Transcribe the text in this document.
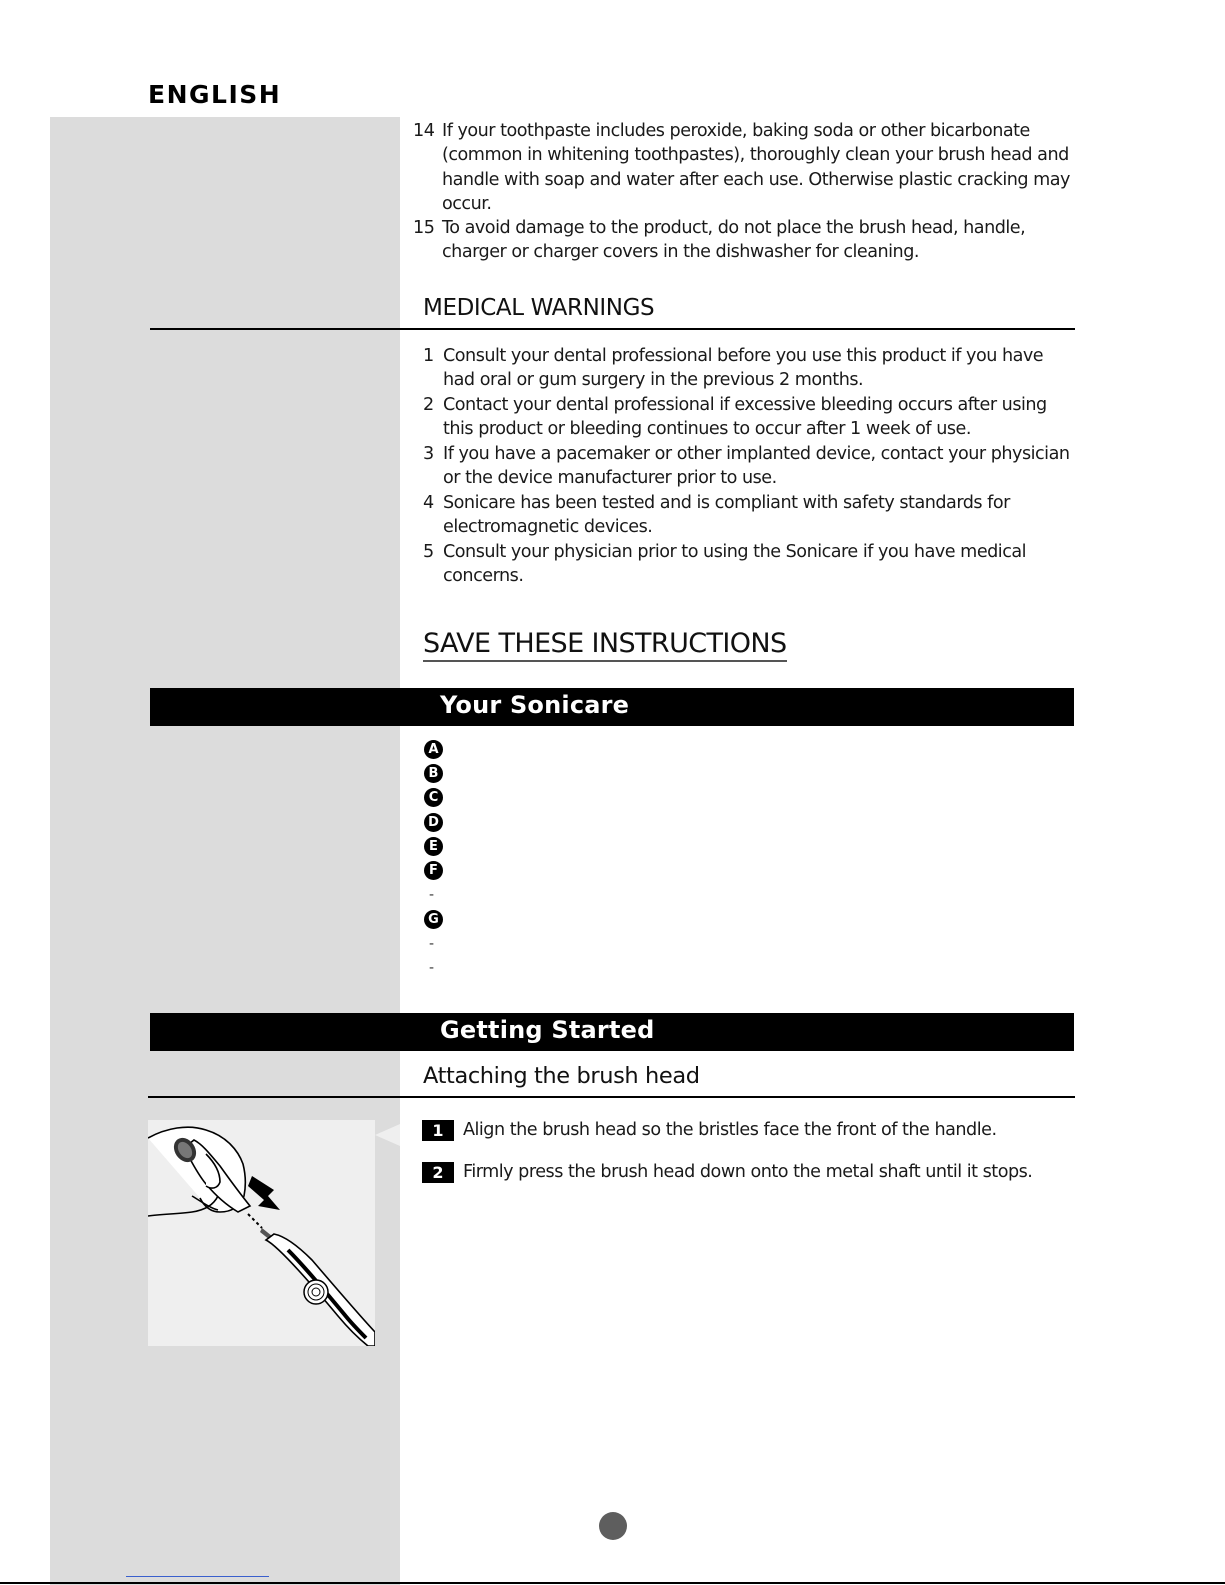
ENGLISH
14 If your toothpaste includes peroxide, baking soda or other bicarbonate (common in whitening toothpastes), thoroughly clean your brush head and handle with soap and water after each use. Otherwise plastic cracking may occur.
15 To avoid damage to the product, do not place the brush head, handle, charger or charger covers in the dishwasher for cleaning.
MEDICAL WARNINGS
1 Consult your dental professional before you use this product if you have had oral or gum surgery in the previous 2 months.
2 Contact your dental professional if excessive bleeding occurs after using this product or bleeding continues to occur after 1 week of use.
3 If you have a pacemaker or other implanted device, contact your physician or the device manufacturer prior to use.
4 Sonicare has been tested and is compliant with safety standards for electromagnetic devices.
5 Consult your physician prior to using the Sonicare if you have medical concerns.
SAVE THESE INSTRUCTIONS
Your Sonicare
A
B
C
D
E
F
-
G
-
-
Getting Started
Attaching the brush head
1	Align the brush head so the bristles face the front of the handle.
2	Firmly press the brush head down onto the metal shaft until it stops.
